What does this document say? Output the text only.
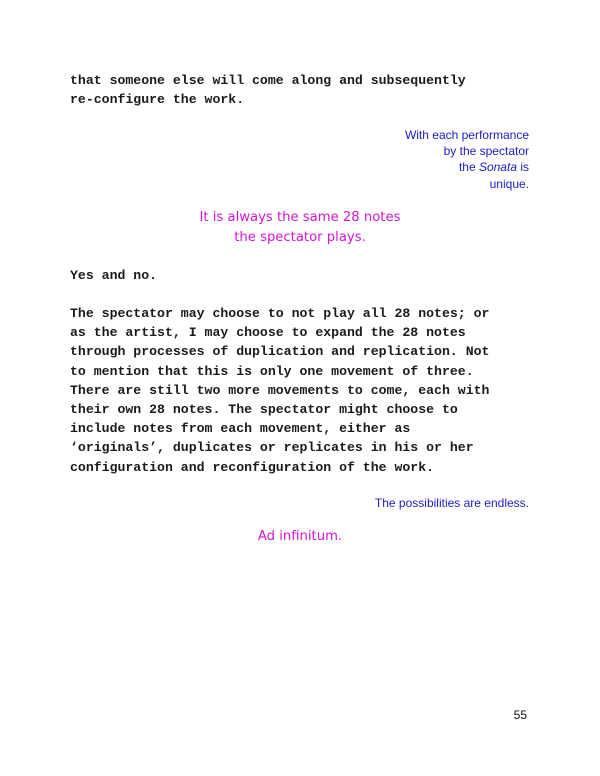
that someone else will come along and subsequently
re-configure the work.
With each performance
by the spectator
the Sonata is
unique.
It is always the same 28 notes
the spectator plays.
Yes and no.
The spectator may choose to not play all 28 notes; or
as the artist, I may choose to expand the 28 notes
through processes of duplication and replication. Not
to mention that this is only one movement of three.
There are still two more movements to come, each with
their own 28 notes. The spectator might choose to
include notes from each movement, either as
‘originals’, duplicates or replicates in his or her
configuration and reconfiguration of the work.
The possibilities are endless.
Ad infinitum.
55
